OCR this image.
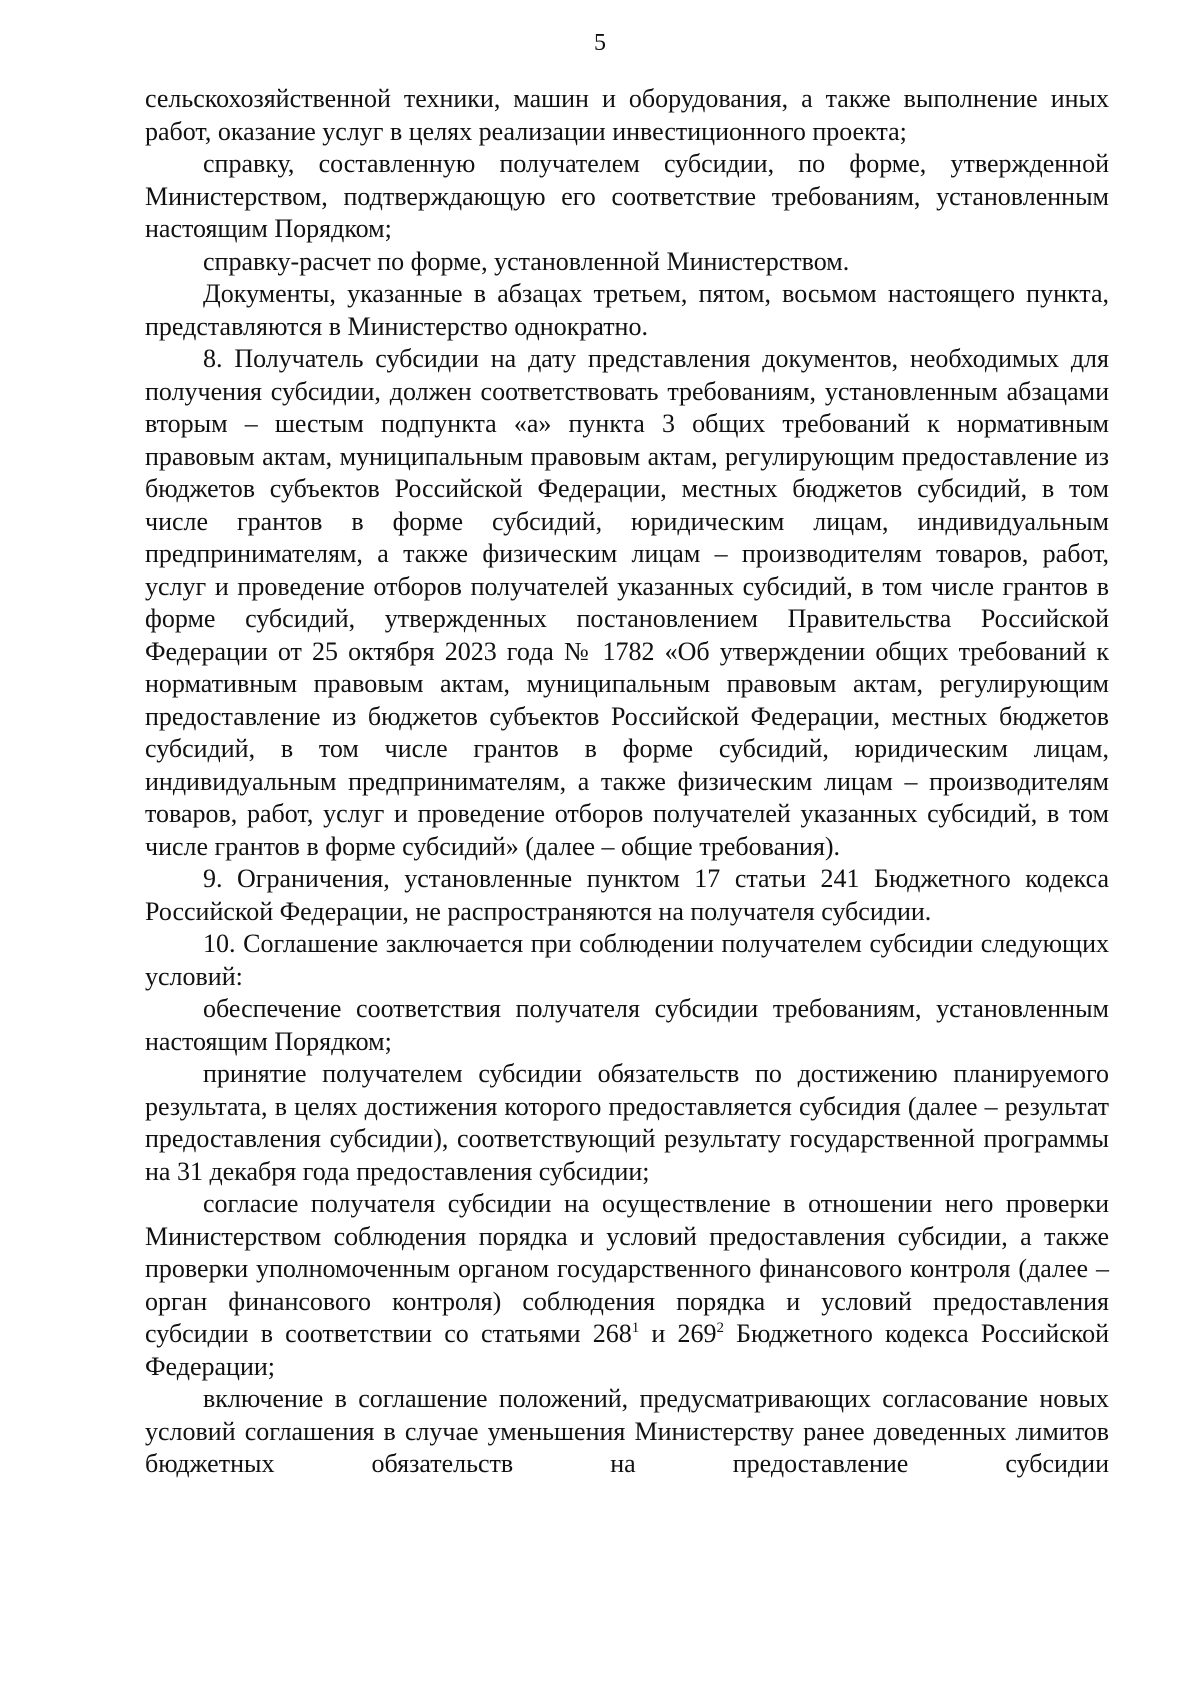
5

сельскохозяйственной техники, машин и оборудования, а также выполнение иных работ, оказание услуг в целях реализации инвестиционного проекта;

справку, составленную получателем субсидии, по форме, утвержденной Министерством, подтверждающую его соответствие требованиям, установленным настоящим Порядком;

справку-расчет по форме, установленной Министерством.

Документы, указанные в абзацах третьем, пятом, восьмом настоящего пункта, представляются в Министерство однократно.

8. Получатель субсидии на дату представления документов, необходимых для получения субсидии, должен соответствовать требованиям, установленным абзацами вторым – шестым подпункта «а» пункта 3 общих требований к нормативным правовым актам, муниципальным правовым актам, регулирующим предоставление из бюджетов субъектов Российской Федерации, местных бюджетов субсидий, в том числе грантов в форме субсидий, юридическим лицам, индивидуальным предпринимателям, а также физическим лицам – производителям товаров, работ, услуг и проведение отборов получателей указанных субсидий, в том числе грантов в форме субсидий, утвержденных постановлением Правительства Российской Федерации от 25 октября 2023 года № 1782 «Об утверждении общих требований к нормативным правовым актам, муниципальным правовым актам, регулирующим предоставление из бюджетов субъектов Российской Федерации, местных бюджетов субсидий, в том числе грантов в форме субсидий, юридическим лицам, индивидуальным предпринимателям, а также физическим лицам – производителям товаров, работ, услуг и проведение отборов получателей указанных субсидий, в том числе грантов в форме субсидий» (далее – общие требования).

9. Ограничения, установленные пунктом 17 статьи 241 Бюджетного кодекса Российской Федерации, не распространяются на получателя субсидии.

10. Соглашение заключается при соблюдении получателем субсидии следующих условий:

обеспечение соответствия получателя субсидии требованиям, установленным настоящим Порядком;

принятие получателем субсидии обязательств по достижению планируемого результата, в целях достижения которого предоставляется субсидия (далее – результат предоставления субсидии), соответствующий результату государственной программы на 31 декабря года предоставления субсидии;

согласие получателя субсидии на осуществление в отношении него проверки Министерством соблюдения порядка и условий предоставления субсидии, а также проверки уполномоченным органом государственного финансового контроля (далее – орган финансового контроля) соблюдения порядка и условий предоставления субсидии в соответствии со статьями $268^1$ и $269^2$ Бюджетного кодекса Российской Федерации;

включение в соглашение положений, предусматривающих согласование новых условий соглашения в случае уменьшения Министерству ранее доведенных лимитов бюджетных обязательств на предоставление субсидии
